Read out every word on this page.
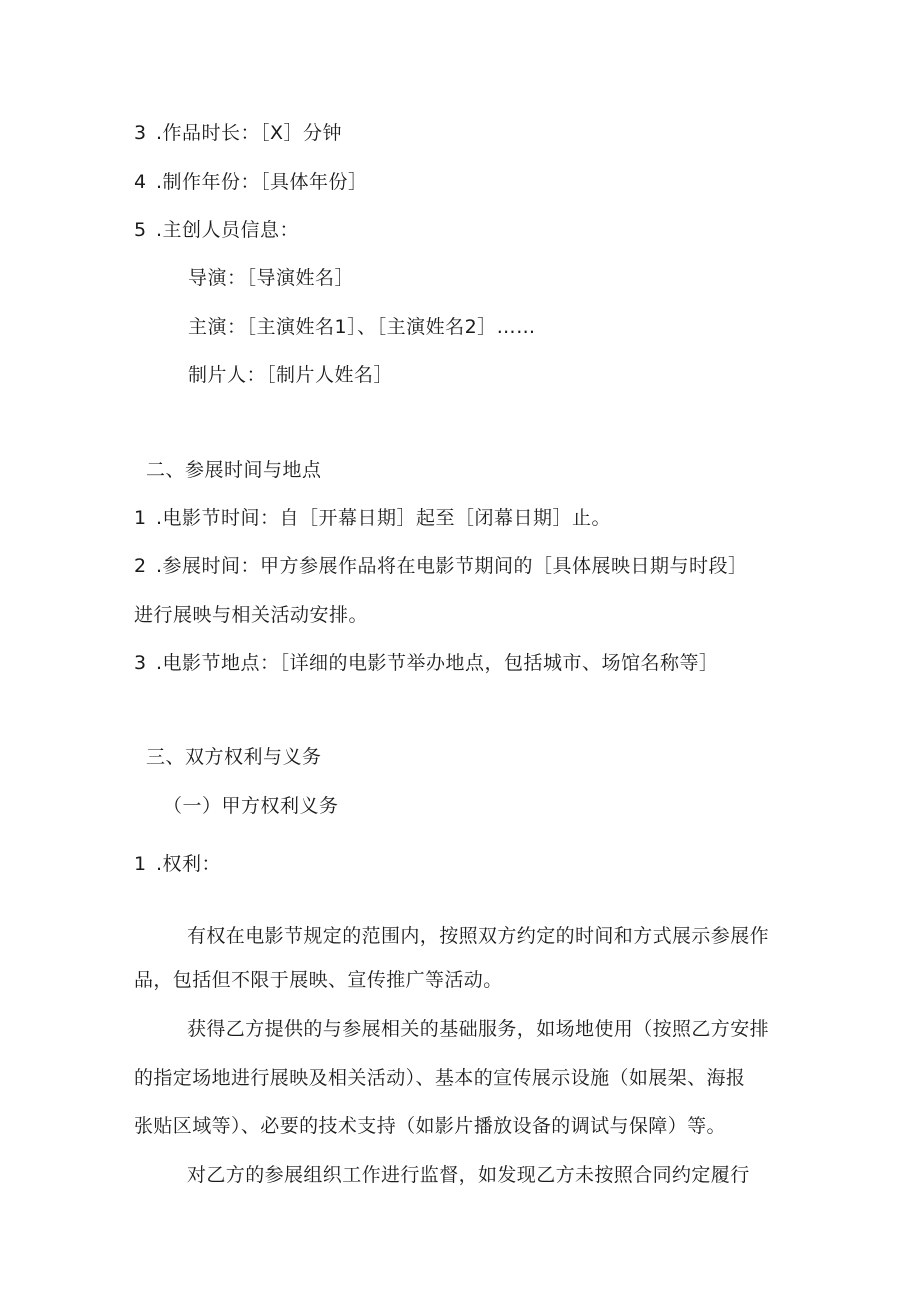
3 .作品时长：［X］分钟
4 .制作年份：［具体年份］
5 .主创人员信息：
导演：［导演姓名］
主演：［主演姓名1］、［主演姓名2］……
制片人：［制片人姓名］
二、参展时间与地点
1 .电影节时间：自［开幕日期］起至［闭幕日期］止。
2 .参展时间：甲方参展作品将在电影节期间的［具体展映日期与时段］
进行展映与相关活动安排。
3 .电影节地点：［详细的电影节举办地点，包括城市、场馆名称等］
三、双方权利与义务
（一）甲方权利义务
1 .权利：
有权在电影节规定的范围内，按照双方约定的时间和方式展示参展作
品，包括但不限于展映、宣传推广等活动。
获得乙方提供的与参展相关的基础服务，如场地使用（按照乙方安排
的指定场地进行展映及相关活动）、基本的宣传展示设施（如展架、海报
张贴区域等）、必要的技术支持（如影片播放设备的调试与保障）等。
对乙方的参展组织工作进行监督，如发现乙方未按照合同约定履行
